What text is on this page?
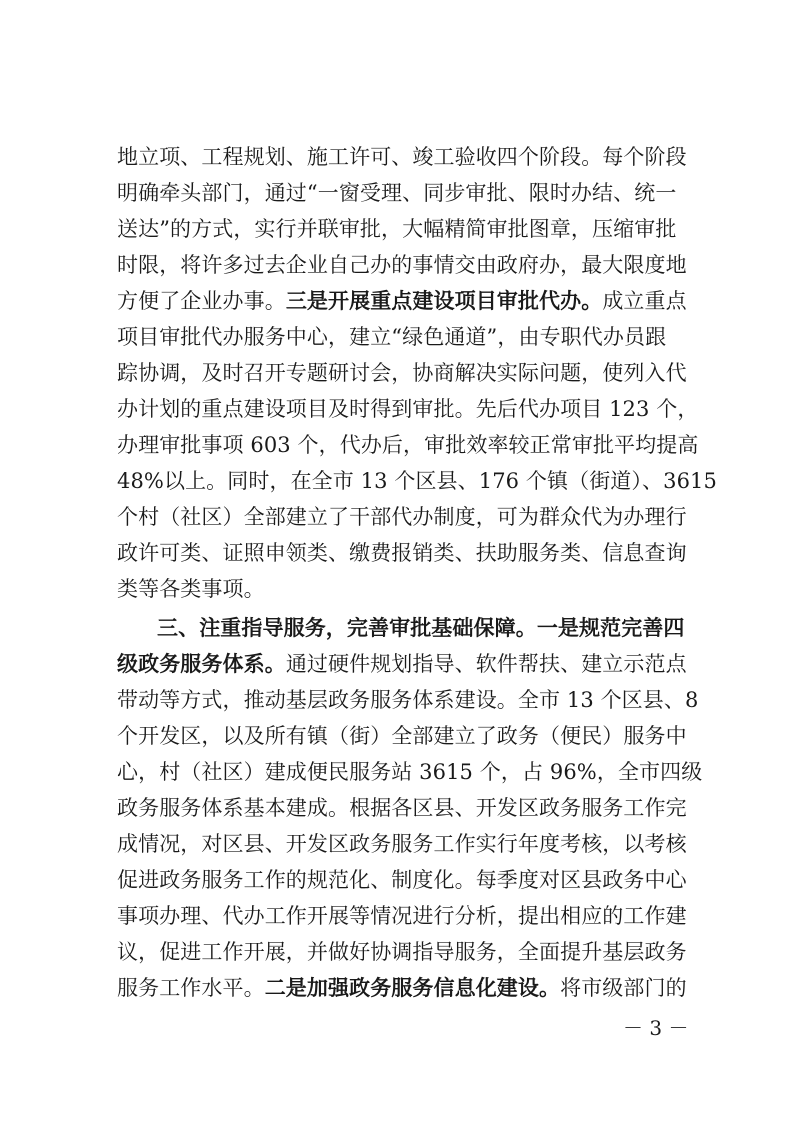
地立项、工程规划、施工许可、竣工验收四个阶段。每个阶段
明确牵头部门，通过“一窗受理、同步审批、限时办结、统一
送达”的方式，实行并联审批，大幅精简审批图章，压缩审批
时限，将许多过去企业自己办的事情交由政府办，最大限度地
方便了企业办事。三是开展重点建设项目审批代办。成立重点
项目审批代办服务中心，建立“绿色通道”，由专职代办员跟
踪协调，及时召开专题研讨会，协商解决实际问题，使列入代
办计划的重点建设项目及时得到审批。先后代办项目 123 个，
办理审批事项 603 个，代办后，审批效率较正常审批平均提高
48%以上。同时，在全市 13 个区县、176 个镇（街道）、3615
个村（社区）全部建立了干部代办制度，可为群众代为办理行
政许可类、证照申领类、缴费报销类、扶助服务类、信息查询
类等各类事项。
三、注重指导服务，完善审批基础保障。一是规范完善四
级政务服务体系。通过硬件规划指导、软件帮扶、建立示范点
带动等方式，推动基层政务服务体系建设。全市 13 个区县、8
个开发区，以及所有镇（街）全部建立了政务（便民）服务中
心，村（社区）建成便民服务站 3615 个，占 96%，全市四级
政务服务体系基本建成。根据各区县、开发区政务服务工作完
成情况，对区县、开发区政务服务工作实行年度考核，以考核
促进政务服务工作的规范化、制度化。每季度对区县政务中心
事项办理、代办工作开展等情况进行分析，提出相应的工作建
议，促进工作开展，并做好协调指导服务，全面提升基层政务
服务工作水平。二是加强政务服务信息化建设。将市级部门的
－ 3 －
